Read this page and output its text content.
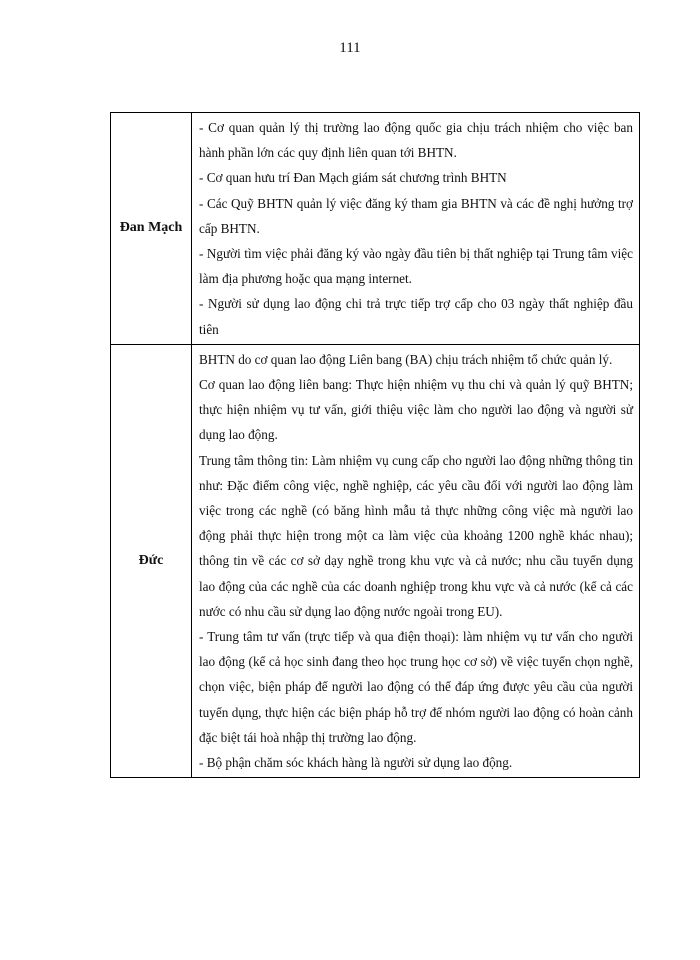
111
Đan Mạch	- Cơ quan quản lý thị trường lao động quốc gia chịu trách nhiệm cho việc ban hành phần lớn các quy định liên quan tới BHTN.

- Cơ quan hưu trí Đan Mạch giám sát chương trình BHTN

- Các Quỹ BHTN quản lý việc đăng ký tham gia BHTN và các đề nghị hưởng trợ cấp BHTN.

- Người tìm việc phải đăng ký vào ngày đầu tiên bị thất nghiệp tại Trung tâm việc làm địa phương hoặc qua mạng internet.

- Người sử dụng lao động chi trả trực tiếp trợ cấp cho 03 ngày thất nghiệp đầu tiên

Đức	BHTN do cơ quan lao động Liên bang (BA) chịu trách nhiệm tổ chức quản lý.

Cơ quan lao động liên bang: Thực hiện nhiệm vụ thu chi và quản lý quỹ BHTN; thực hiện nhiệm vụ tư vấn, giới thiệu việc làm cho người lao động và người sử dụng lao động.

Trung tâm thông tin: Làm nhiệm vụ cung cấp cho người lao động những thông tin như: Đặc điểm công việc, nghề nghiệp, các yêu cầu đối với người lao động làm việc trong các nghề (có băng hình mẫu tả thực những công việc mà người lao động phải thực hiện trong một ca làm việc của khoảng 1200 nghề khác nhau); thông tin về các cơ sở dạy nghề trong khu vực và cả nước; nhu cầu tuyển dụng lao động của các nghề của các doanh nghiệp trong khu vực và cả nước (kể cả các nước có nhu cầu sử dụng lao động nước ngoài trong EU).

- Trung tâm tư vấn (trực tiếp và qua điện thoại): làm nhiệm vụ tư vấn cho người lao động (kể cả học sinh đang theo học trung học cơ sở) về việc tuyển chọn nghề, chọn việc, biện pháp để người lao động có thể đáp ứng được yêu cầu của người tuyển dụng, thực hiện các biện pháp hỗ trợ để nhóm người lao động có hoàn cảnh đặc biệt tái hoà nhập thị trường lao động.

- Bộ phận chăm sóc khách hàng là người sử dụng lao động.
